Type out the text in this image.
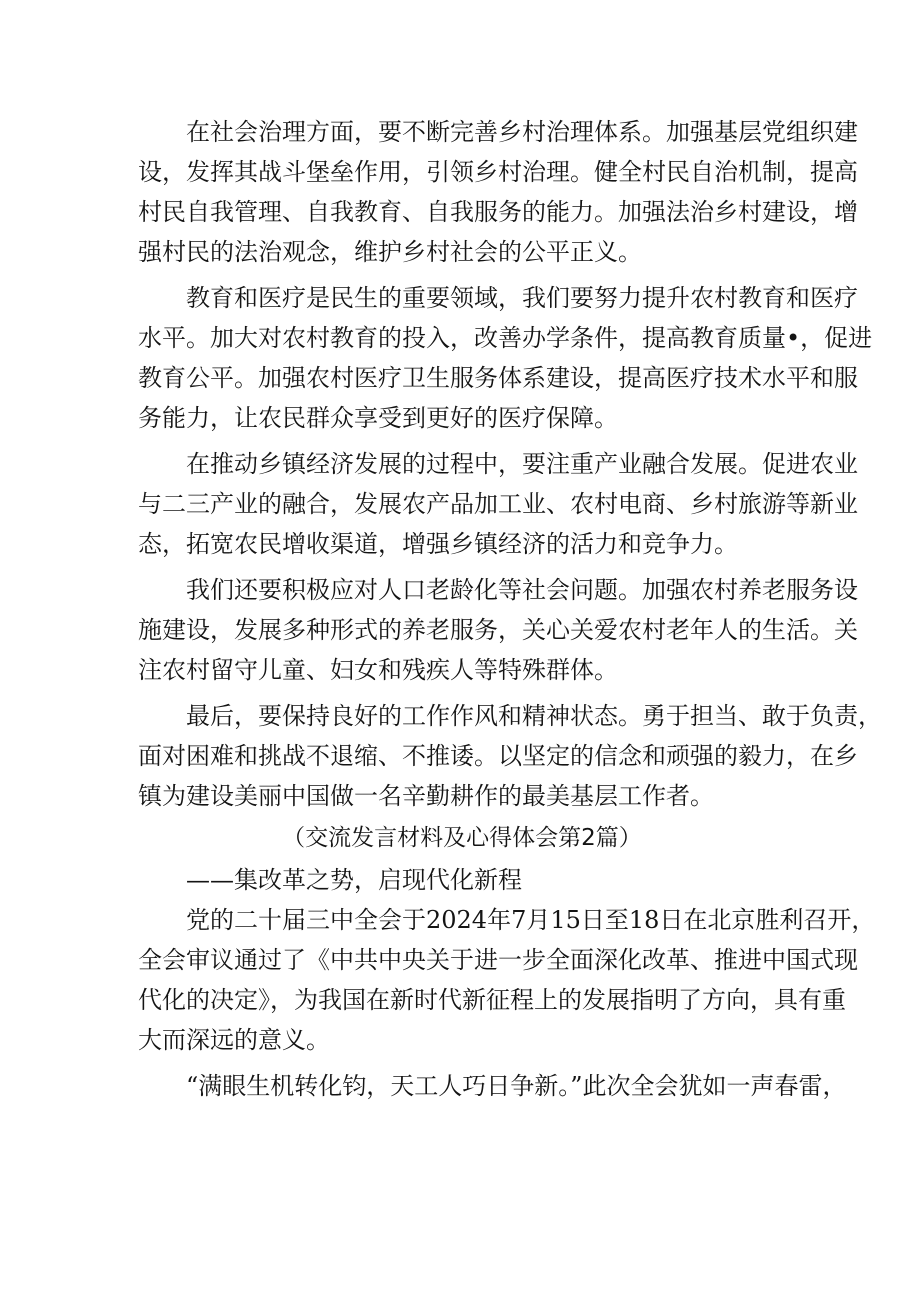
在社会治理方面，要不断完善乡村治理体系。加强基层党组织建
设，发挥其战斗堡垒作用，引领乡村治理。健全村民自治机制，提高
村民自我管理、自我教育、自我服务的能力。加强法治乡村建设，增
强村民的法治观念，维护乡村社会的公平正义。
教育和医疗是民生的重要领域，我们要努力提升农村教育和医疗
水平。加大对农村教育的投入，改善办学条件，提高教育质量•，促进
教育公平。加强农村医疗卫生服务体系建设，提高医疗技术水平和服
务能力，让农民群众享受到更好的医疗保障。
在推动乡镇经济发展的过程中，要注重产业融合发展。促进农业
与二三产业的融合，发展农产品加工业、农村电商、乡村旅游等新业
态，拓宽农民增收渠道，增强乡镇经济的活力和竞争力。
我们还要积极应对人口老龄化等社会问题。加强农村养老服务设
施建设，发展多种形式的养老服务，关心关爱农村老年人的生活。关
注农村留守儿童、妇女和残疾人等特殊群体。
最后，要保持良好的工作作风和精神状态。勇于担当、敢于负责，
面对困难和挑战不退缩、不推诿。以坚定的信念和顽强的毅力，在乡
镇为建设美丽中国做一名辛勤耕作的最美基层工作者。
（交流发言材料及心得体会第2篇）
——集改革之势，启现代化新程
党的二十届三中全会于2024年7月15日至18日在北京胜利召开，
全会审议通过了《中共中央关于进一步全面深化改革、推进中国式现
代化的决定》，为我国在新时代新征程上的发展指明了方向，具有重
大而深远的意义。
“满眼生机转化钧，天工人巧日争新。”此次全会犹如一声春雷，
